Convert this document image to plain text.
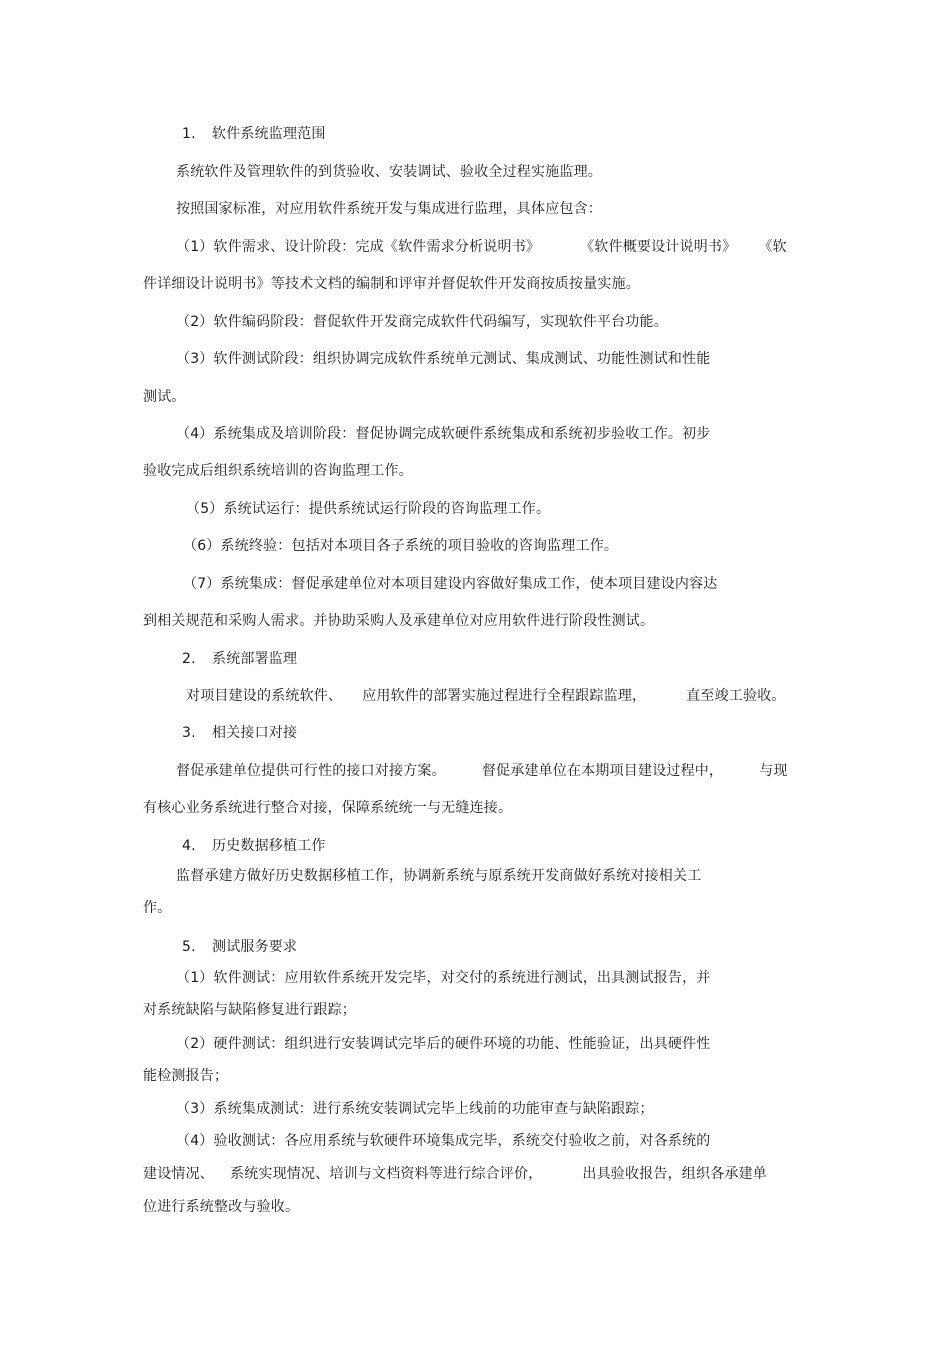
1. 软件系统监理范围
系统软件及管理软件的到货验收、安装调试、验收全过程实施监理。
按照国家标准，对应用软件系统开发与集成进行监理，具体应包含：
（1）软件需求、设计阶段：完成《软件需求分析说明书》	《软件概要设计说明书》 《软
件详细设计说明书》等技术文档的编制和评审并督促软件开发商按质按量实施。
（2）软件编码阶段：督促软件开发商完成软件代码编写，实现软件平台功能。
（3）软件测试阶段：组织协调完成软件系统单元测试、集成测试、功能性测试和性能
测试。
（4）系统集成及培训阶段：督促协调完成软硬件系统集成和系统初步验收工作。初步
验收完成后组织系统培训的咨询监理工作。
（5）系统试运行：提供系统试运行阶段的咨询监理工作。
（6）系统终验：包括对本项目各子系统的项目验收的咨询监理工作。
（7）系统集成：督促承建单位对本项目建设内容做好集成工作，使本项目建设内容达
到相关规范和采购人需求。并协助采购人及承建单位对应用软件进行阶段性测试。
2. 系统部署监理
对项目建设的系统软件、 应用软件的部署实施过程进行全程跟踪监理，	直至竣工验收。
3. 相关接口对接
督促承建单位提供可行性的接口对接方案。	督促承建单位在本期项目建设过程中，	与现
有核心业务系统进行整合对接，保障系统统一与无缝连接。
4. 历史数据移植工作
监督承建方做好历史数据移植工作，协调新系统与原系统开发商做好系统对接相关工
作。
5. 测试服务要求
（1）软件测试：应用软件系统开发完毕，对交付的系统进行测试，出具测试报告，并
对系统缺陷与缺陷修复进行跟踪；
（2）硬件测试：组织进行安装调试完毕后的硬件环境的功能、性能验证，出具硬件性
能检测报告；
（3）系统集成测试：进行系统安装调试完毕上线前的功能审查与缺陷跟踪；
（4）验收测试：各应用系统与软硬件环境集成完毕，系统交付验收之前，对各系统的
建设情况、 系统实现情况、培训与文档资料等进行综合评价，	出具验收报告，组织各承建单
位进行系统整改与验收。
